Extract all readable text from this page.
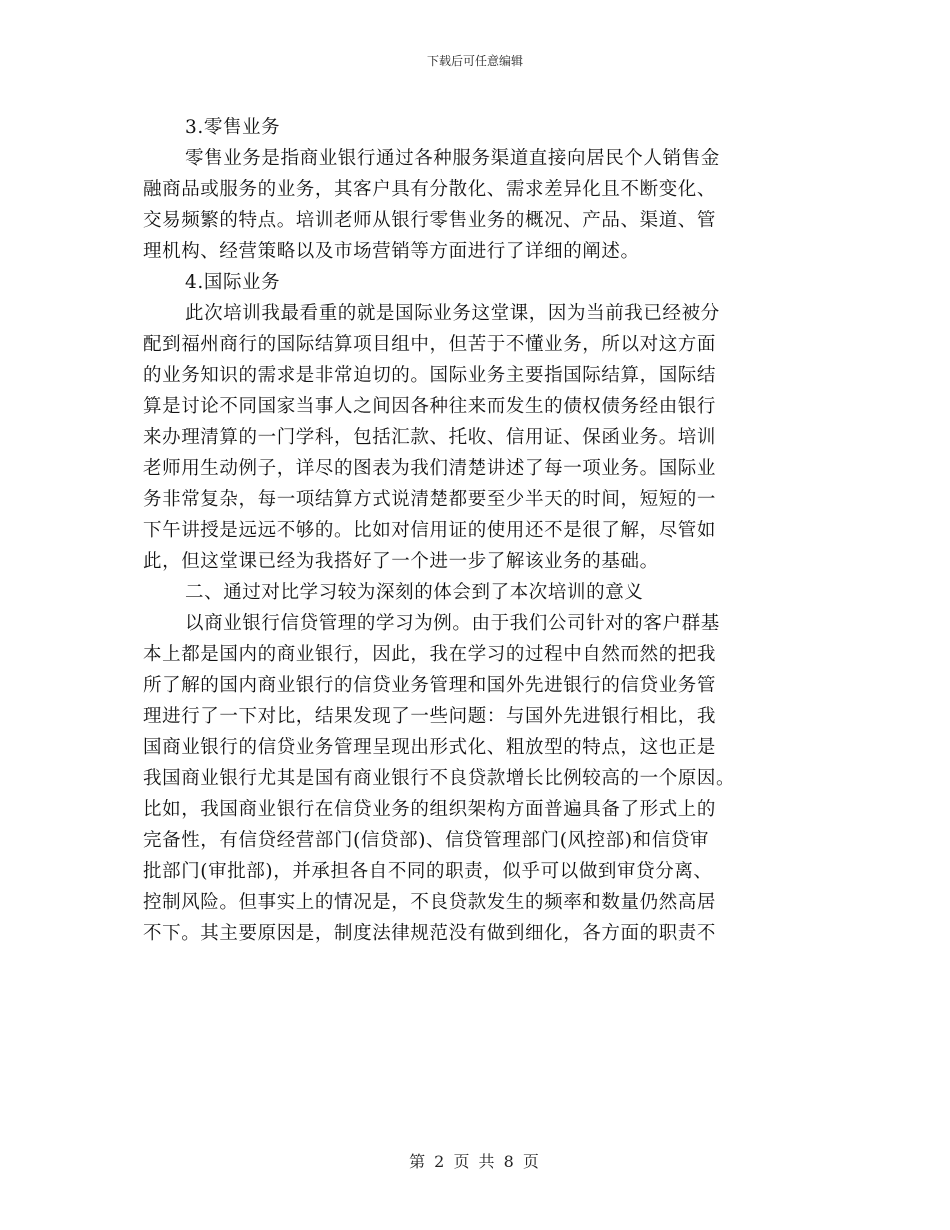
下载后可任意编辑
3.零售业务
零售业务是指商业银行通过各种服务渠道直接向居民个人销售金
融商品或服务的业务，其客户具有分散化、需求差异化且不断变化、
交易频繁的特点。培训老师从银行零售业务的概况、产品、渠道、管
理机构、经营策略以及市场营销等方面进行了详细的阐述。
4.国际业务
此次培训我最看重的就是国际业务这堂课，因为当前我已经被分
配到福州商行的国际结算项目组中，但苦于不懂业务，所以对这方面
的业务知识的需求是非常迫切的。国际业务主要指国际结算，国际结
算是讨论不同国家当事人之间因各种往来而发生的债权债务经由银行
来办理清算的一门学科，包括汇款、托收、信用证、保函业务。培训
老师用生动例子，详尽的图表为我们清楚讲述了每一项业务。国际业
务非常复杂，每一项结算方式说清楚都要至少半天的时间，短短的一
下午讲授是远远不够的。比如对信用证的使用还不是很了解，尽管如
此，但这堂课已经为我搭好了一个进一步了解该业务的基础。
二、通过对比学习较为深刻的体会到了本次培训的意义
以商业银行信贷管理的学习为例。由于我们公司针对的客户群基
本上都是国内的商业银行，因此，我在学习的过程中自然而然的把我
所了解的国内商业银行的信贷业务管理和国外先进银行的信贷业务管
理进行了一下对比，结果发现了一些问题：与国外先进银行相比，我
国商业银行的信贷业务管理呈现出形式化、粗放型的特点，这也正是
我国商业银行尤其是国有商业银行不良贷款增长比例较高的一个原因。
比如，我国商业银行在信贷业务的组织架构方面普遍具备了形式上的
完备性，有信贷经营部门(信贷部)、信贷管理部门(风控部)和信贷审
批部门(审批部)，并承担各自不同的职责，似乎可以做到审贷分离、
控制风险。但事实上的情况是，不良贷款发生的频率和数量仍然高居
不下。其主要原因是，制度法律规范没有做到细化，各方面的职责不
第 2 页 共 8 页
